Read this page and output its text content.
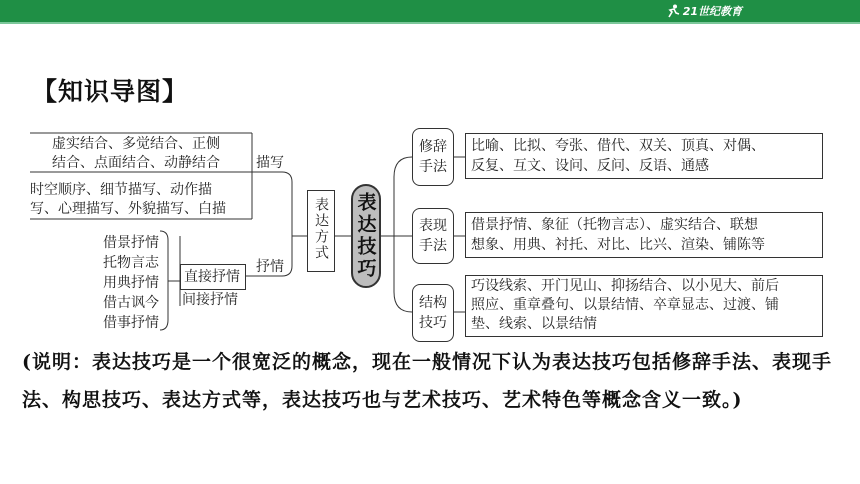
21世纪教育
【知识导图】
虚实结合、多觉结合、正侧
结合、点面结合、动静结合	描写
时空顺序、细节描写、动作描
写、心理描写、外貌描写、白描
借景抒情
托物言志
用典抒情
借古讽今
借事抒情
直接抒情
间接抒情
抒情
表达方式 表达技巧
修辞
手法
比喻、比拟、夸张、借代、双关、顶真、对偶、
反复、互文、设问、反问、反语、通感
表现
手法
借景抒情、象征（托物言志）、虚实结合、联想
想象、用典、衬托、对比、比兴、渲染、铺陈等
结构
技巧
巧设线索、开门见山、抑扬结合、以小见大、前后
照应、重章叠句、以景结情、卒章显志、过渡、铺
垫、线索、以景结情
(说明：表达技巧是一个很宽泛的概念，现在一般情况下认为表达技巧包括修辞手法、表现手法、构思技巧、表达方式等，表达技巧也与艺术技巧、艺术特色等概念含义一致。)
